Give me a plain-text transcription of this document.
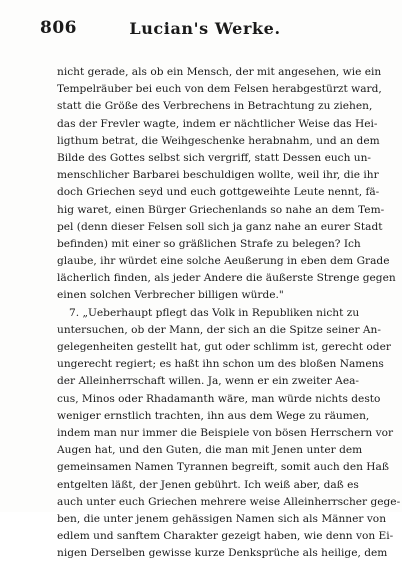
806	Lucian's Werke.
nicht gerade, als ob ein Mensch, der mit angesehen, wie ein
Tempelräuber bei euch von dem Felsen herabgestürzt ward,
statt die Größe des Verbrechens in Betrachtung zu ziehen,
das der Frevler wagte, indem er nächtlicher Weise das Hei-
ligthum betrat, die Weihgeschenke herabnahm, und an dem
Bilde des Gottes selbst sich vergriff, statt Dessen euch un-
menschlicher Barbarei beschuldigen wollte, weil ihr, die ihr
doch Griechen seyd und euch gottgeweihte Leute nennt, fä-
hig waret, einen Bürger Griechenlands so nahe an dem Tem-
pel (denn dieser Felsen soll sich ja ganz nahe an eurer Stadt
befinden) mit einer so gräßlichen Strafe zu belegen? Ich
glaube, ihr würdet eine solche Aeußerung in eben dem Grade
lächerlich finden, als jeder Andere die äußerste Strenge gegen
einen solchen Verbrecher billigen würde."
7. „Ueberhaupt pflegt das Volk in Republiken nicht zu
untersuchen, ob der Mann, der sich an die Spitze seiner An-
gelegenheiten gestellt hat, gut oder schlimm ist, gerecht oder
ungerecht regiert; es haßt ihn schon um des bloßen Namens
der Alleinherrschaft willen. Ja, wenn er ein zweiter Aea-
cus, Minos oder Rhadamanth wäre, man würde nichts desto
weniger ernstlich trachten, ihn aus dem Wege zu räumen,
indem man nur immer die Beispiele von bösen Herrschern vor
Augen hat, und den Guten, die man mit Jenen unter dem
gemeinsamen Namen Tyrannen begreift, somit auch den Haß
entgelten läßt, der Jenen gebührt. Ich weiß aber, daß es
auch unter euch Griechen mehrere weise Alleinherrscher gege-
ben, die unter jenem gehässigen Namen sich als Männer von
edlem und sanftem Charakter gezeigt haben, wie denn von Ei-
nigen Derselben gewisse kurze Denksprüche als heilige, dem
